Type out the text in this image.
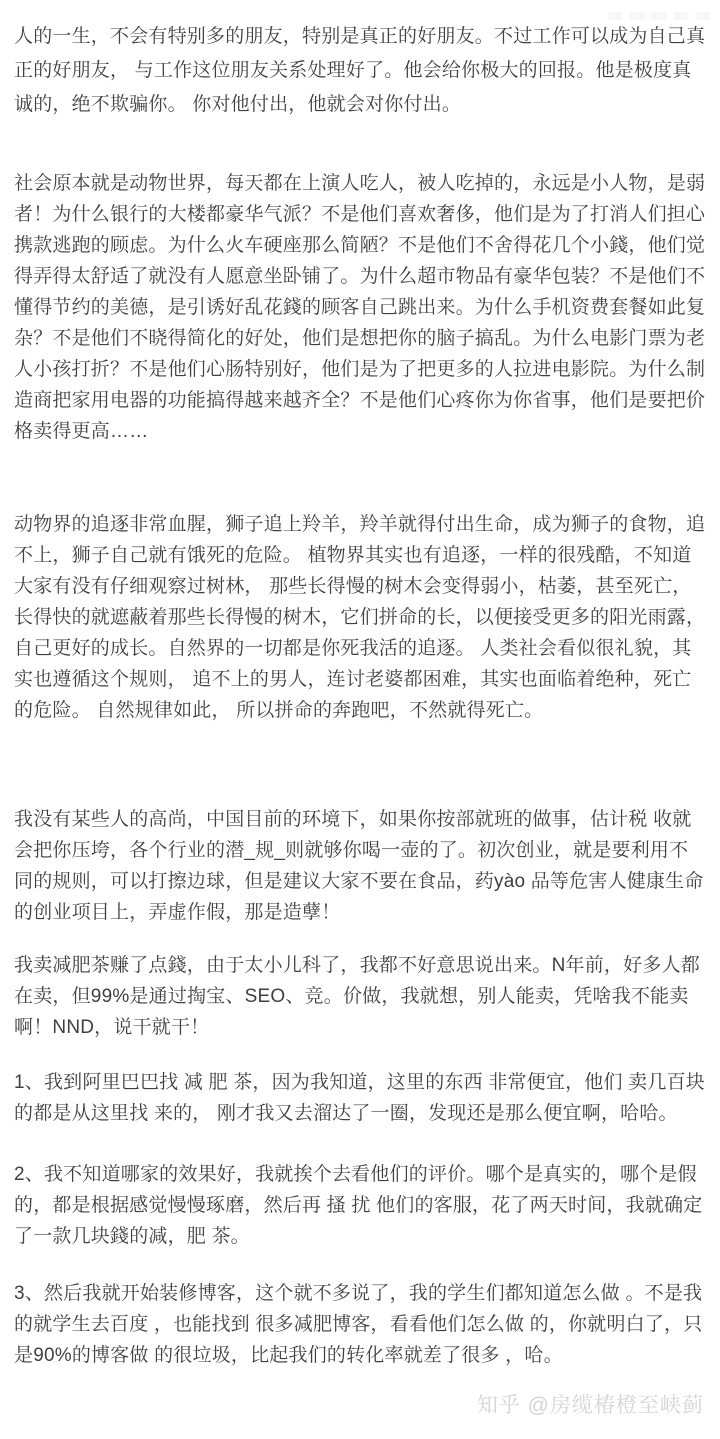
人的一生，不会有特别多的朋友，特别是真正的好朋友。不过工作可以成为自己真正的好朋友， 与工作这位朋友关系处理好了。他会给你极大的回报。他是极度真诚的，绝不欺骗你。 你对他付出，他就会对你付出。

社会原本就是动物世界，每天都在上演人吃人，被人吃掉的，永远是小人物，是弱者！为什么银行的大楼都豪华气派？不是他们喜欢奢侈，他们是为了打消人们担心携款逃跑的顾虑。为什么火车硬座那么简陋？不是他们不舍得花几个小錢，他们觉得弄得太舒适了就没有人愿意坐卧铺了。为什么超市物品有豪华包装？不是他们不懂得节约的美德，是引诱好乱花錢的顾客自己跳出来。为什么手机资费套餐如此复杂？不是他们不晓得简化的好处，他们是想把你的脑子搞乱。为什么电影门票为老人小孩打折？不是他们心肠特别好，他们是为了把更多的人拉进电影院。为什么制造商把家用电器的功能搞得越来越齐全？不是他们心疼你为你省事，他们是要把价格卖得更高……

动物界的追逐非常血腥，狮子追上羚羊，羚羊就得付出生命，成为狮子的食物，追不上，狮子自己就有饿死的危险。 植物界其实也有追逐，一样的很残酷，不知道大家有没有仔细观察过树林， 那些长得慢的树木会变得弱小，枯萎，甚至死亡，长得快的就遮蔽着那些长得慢的树木，它们拼命的长，以便接受更多的阳光雨露，自己更好的成长。自然界的一切都是你死我活的追逐。 人类社会看似很礼貌，其实也遵循这个规则， 追不上的男人，连讨老婆都困难，其实也面临着绝种，死亡的危险。 自然规律如此， 所以拼命的奔跑吧，不然就得死亡。

我没有某些人的高尚，中国目前的环境下，如果你按部就班的做事，估计税 收就会把你压垮，各个行业的潜_规_则就够你喝一壶的了。初次创业，就是要利用不同的规则，可以打擦边球，但是建议大家不要在食品，药yào 品等危害人健康生命的创业项目上，弄虚作假，那是造孽！

我卖减肥茶赚了点錢，由于太小儿科了，我都不好意思说出来。N年前，好多人都在卖，但99%是通过掏宝、SEO、竞。价做，我就想，别人能卖，凭啥我不能卖啊！NND，说干就干！

1、我到阿里巴巴找 减 肥 茶，因为我知道，这里的东西 非常便宜，他们 卖几百块的都是从这里找 来的， 刚才我又去溜达了一圈，发现还是那么便宜啊，哈哈。

2、我不知道哪家的效果好，我就挨个去看他们的评价。哪个是真实的，哪个是假的，都是根据感觉慢慢琢磨，然后再 搔 扰 他们的客服，花了两天时间，我就确定了一款几块錢的减，肥 茶。

3、然后我就开始装修博客，这个就不多说了，我的学生们都知道怎么做 。不是我的就学生去百度 ，也能找到 很多减肥博客，看看他们怎么做 的，你就明白了，只是90%的博客做 的很垃圾，比起我们的转化率就差了很多 ，哈。

知乎 @房缆椿橙至峡蓟
